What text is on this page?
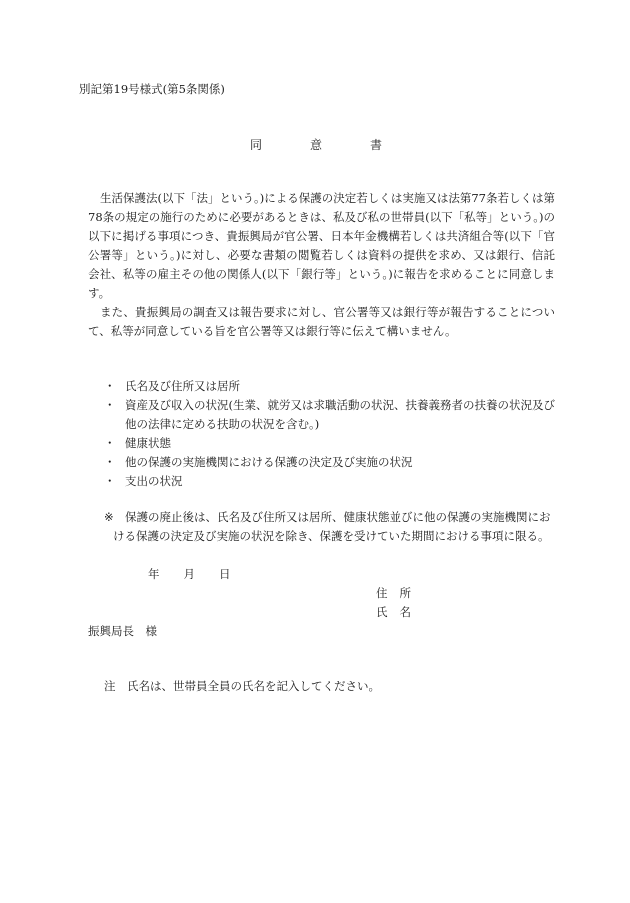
別記第19号様式(第5条関係)
同	意	書

生活保護法(以下「法」という。)による保護の決定若しくは実施又は法第77条若しくは第78条の規定の施行のために必要があるときは、私及び私の世帯員(以下「私等」という。)の以下に掲げる事項につき、貴振興局が官公署、日本年金機構若しくは共済組合等(以下「官公署等」という。)に対し、必要な書類の閲覧若しくは資料の提供を求め、又は銀行、信託会社、私等の雇主その他の関係人(以下「銀行等」という。)に報告を求めることに同意します。

また、貴振興局の調査又は報告要求に対し、官公署等又は銀行等が報告することについて、私等が同意している旨を官公署等又は銀行等に伝えて構いません。

・ 氏名及び住所又は居所
・ 資産及び収入の状況(生業、就労又は求職活動の状況、扶養義務者の扶養の状況及び他の法律に定める扶助の状況を含む。)
・ 健康状態
・ 他の保護の実施機関における保護の決定及び実施の状況
・ 支出の状況
※ 保護の廃止後は、氏名及び住所又は居所、健康状態並びに他の保護の実施機関にお
ける保護の決定及び実施の状況を除き、保護を受けていた期間における事項に限る。
年 月 日
住 所
氏 名
振興局長　様
注　氏名は、世帯員全員の氏名を記入してください。
